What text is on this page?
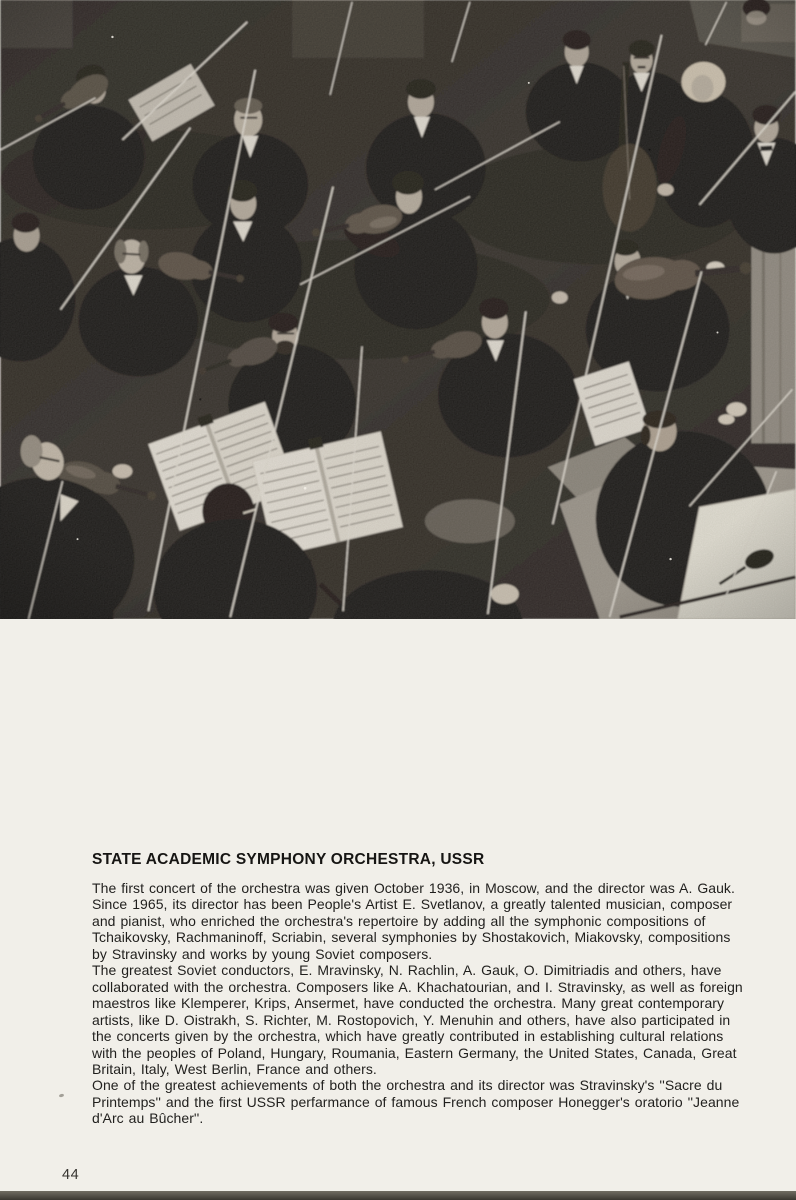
STATE ACADEMIC SYMPHONY ORCHESTRA, USSR

The first concert of the orchestra was given October 1936, in Moscow, and the director was A. Gauk. Since 1965, its director has been People's Artist E. Svetlanov, a greatly talented musician, composer and pianist, who enriched the orchestra's repertoire by adding all the symphonic compositions of Tchaikovsky, Rachmaninoff, Scriabin, several symphonies by Shostakovich, Miakovsky, compositions by Stravinsky and works by young Soviet composers.

The greatest Soviet conductors, E. Mravinsky, N. Rachlin, A. Gauk, O. Dimitriadis and others, have collaborated with the orchestra. Composers like A. Khachatourian, and I. Stravinsky, as well as foreign maestros like Klemperer, Krips, Ansermet, have conducted the orchestra. Many great contemporary artists, like D. Oistrakh, S. Richter, M. Rostopovich, Y. Menuhin and others, have also participated in the concerts given by the orchestra, which have greatly contributed in establishing cultural relations with the peoples of Poland, Hungary, Roumania, Eastern Germany, the United States, Canada, Great Britain, Italy, West Berlin, France and others.

One of the greatest achievements of both the orchestra and its director was Stravinsky's ''Sacre du Printemps'' and the first USSR perfarmance of famous French composer Honegger's oratorio ''Jeanne d'Arc au Bûcher''.

44
